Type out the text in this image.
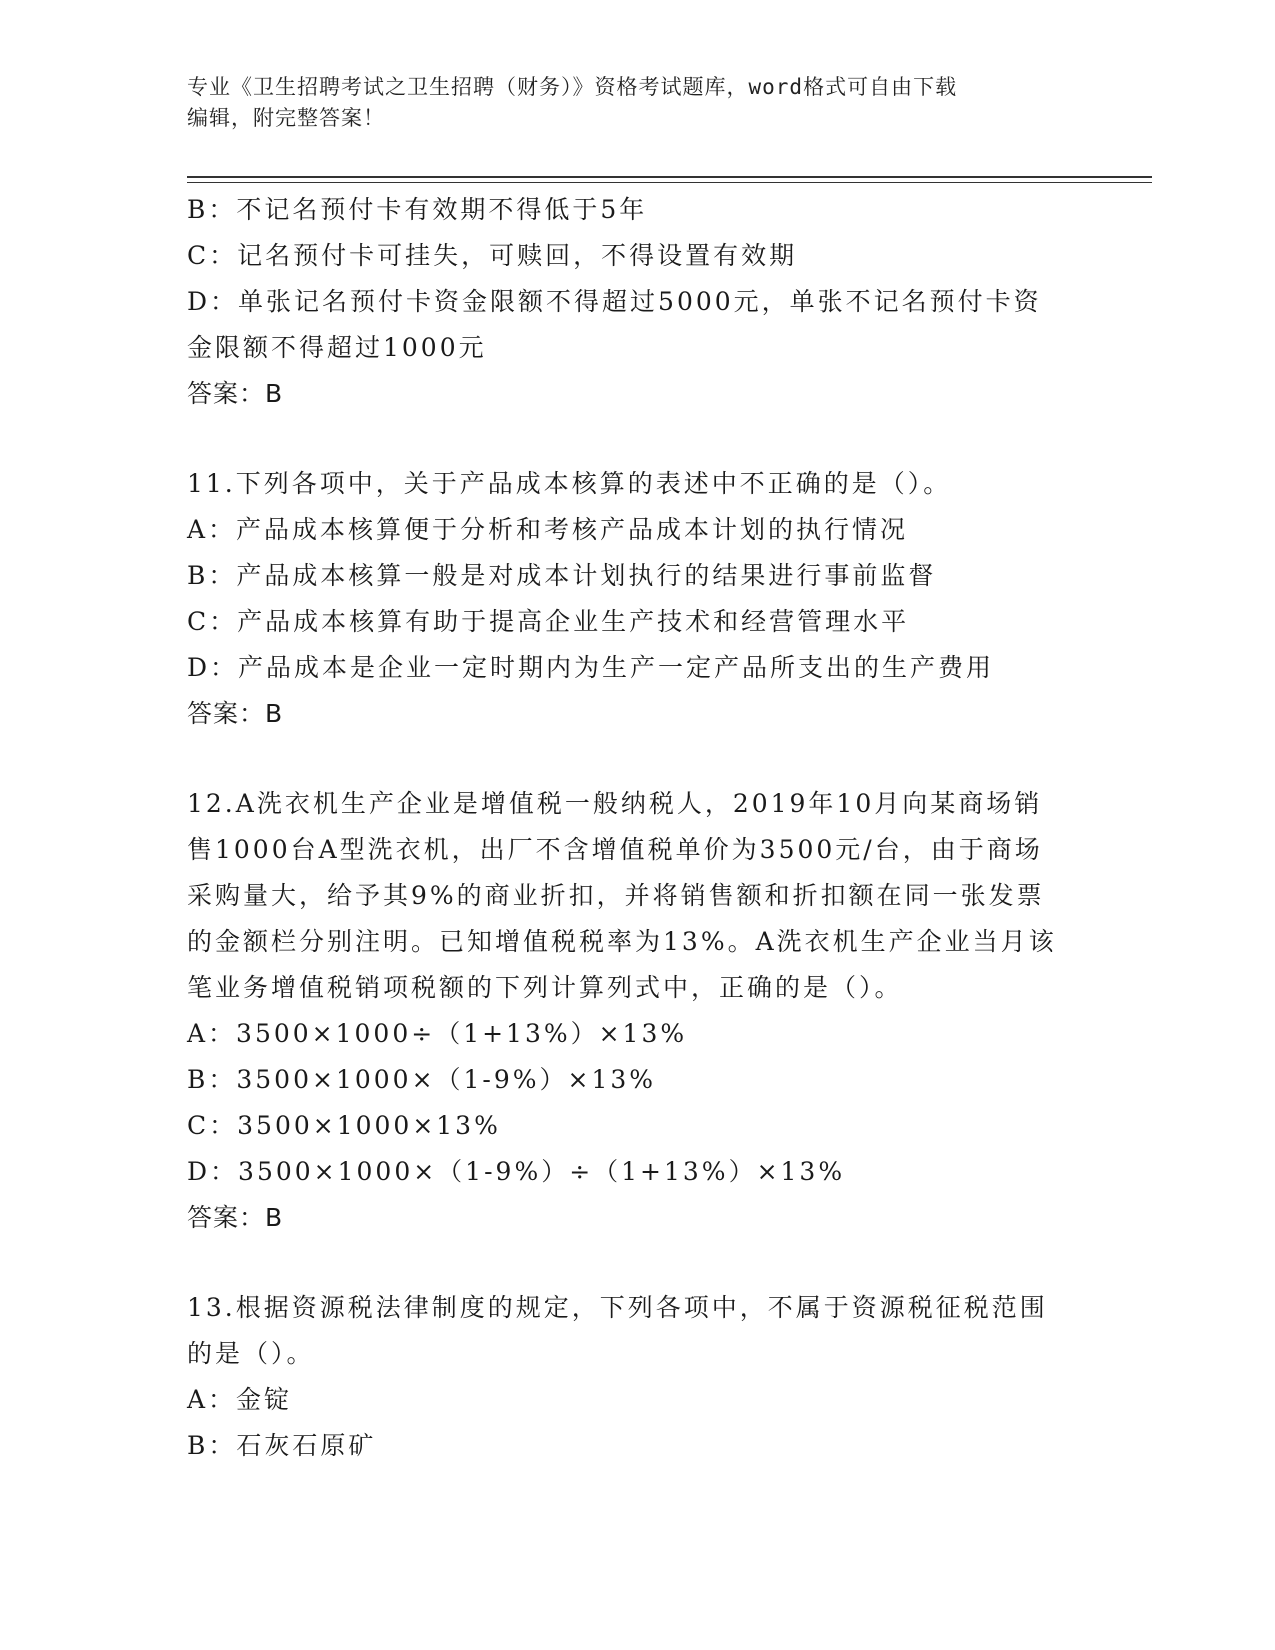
专业《卫生招聘考试之卫生招聘（财务）》资格考试题库，word格式可自由下载
编辑，附完整答案！
B：不记名预付卡有效期不得低于5年
C：记名预付卡可挂失，可赎回，不得设置有效期
D：单张记名预付卡资金限额不得超过5000元，单张不记名预付卡资
金限额不得超过1000元
答案：B
11.下列各项中，关于产品成本核算的表述中不正确的是（）。
A：产品成本核算便于分析和考核产品成本计划的执行情况
B：产品成本核算一般是对成本计划执行的结果进行事前监督
C：产品成本核算有助于提高企业生产技术和经营管理水平
D：产品成本是企业一定时期内为生产一定产品所支出的生产费用
答案：B
12.A洗衣机生产企业是增值税一般纳税人，2019年10月向某商场销
售1000台A型洗衣机，出厂不含增值税单价为3500元/台，由于商场
采购量大，给予其9%的商业折扣，并将销售额和折扣额在同一张发票
的金额栏分别注明。已知增值税税率为13%。A洗衣机生产企业当月该
笔业务增值税销项税额的下列计算列式中，正确的是（）。
A：3500×1000÷（1+13%）×13%
B：3500×1000×（1-9%）×13%
C：3500×1000×13%
D：3500×1000×（1-9%）÷（1+13%）×13%
答案：B
13.根据资源税法律制度的规定，下列各项中，不属于资源税征税范围
的是（）。
A：金锭
B：石灰石原矿
